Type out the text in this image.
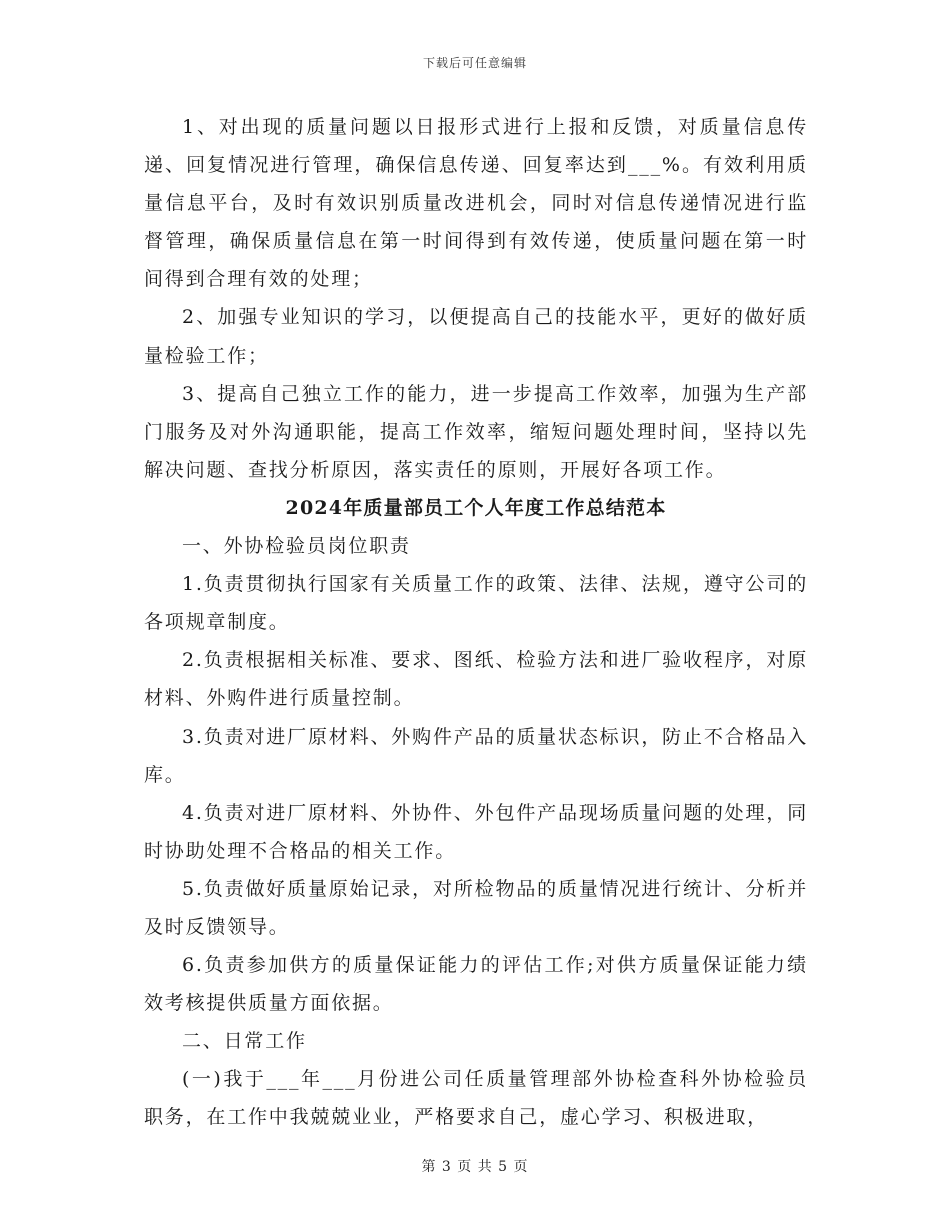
下载后可任意编辑

1、对出现的质量问题以日报形式进行上报和反馈，对质量信息传递、回复情况进行管理，确保信息传递、回复率达到___%。有效利用质量信息平台，及时有效识别质量改进机会，同时对信息传递情况进行监督管理，确保质量信息在第一时间得到有效传递，使质量问题在第一时间得到合理有效的处理；

2、加强专业知识的学习，以便提高自己的技能水平，更好的做好质量检验工作；

3、提高自己独立工作的能力，进一步提高工作效率，加强为生产部门服务及对外沟通职能，提高工作效率，缩短问题处理时间，坚持以先解决问题、查找分析原因，落实责任的原则，开展好各项工作。

2024年质量部员工个人年度工作总结范本

一、外协检验员岗位职责

1.负责贯彻执行国家有关质量工作的政策、法律、法规，遵守公司的各项规章制度。

2.负责根据相关标准、要求、图纸、检验方法和进厂验收程序，对原材料、外购件进行质量控制。

3.负责对进厂原材料、外购件产品的质量状态标识，防止不合格品入库。

4.负责对进厂原材料、外协件、外包件产品现场质量问题的处理，同时协助处理不合格品的相关工作。

5.负责做好质量原始记录，对所检物品的质量情况进行统计、分析并及时反馈领导。

6.负责参加供方的质量保证能力的评估工作;对供方质量保证能力绩效考核提供质量方面依据。

二、日常工作

(一)我于___年___月份进公司任质量管理部外协检查科外协检验员职务，在工作中我兢兢业业，严格要求自己，虚心学习、积极进取，

第 3 页 共 5 页
